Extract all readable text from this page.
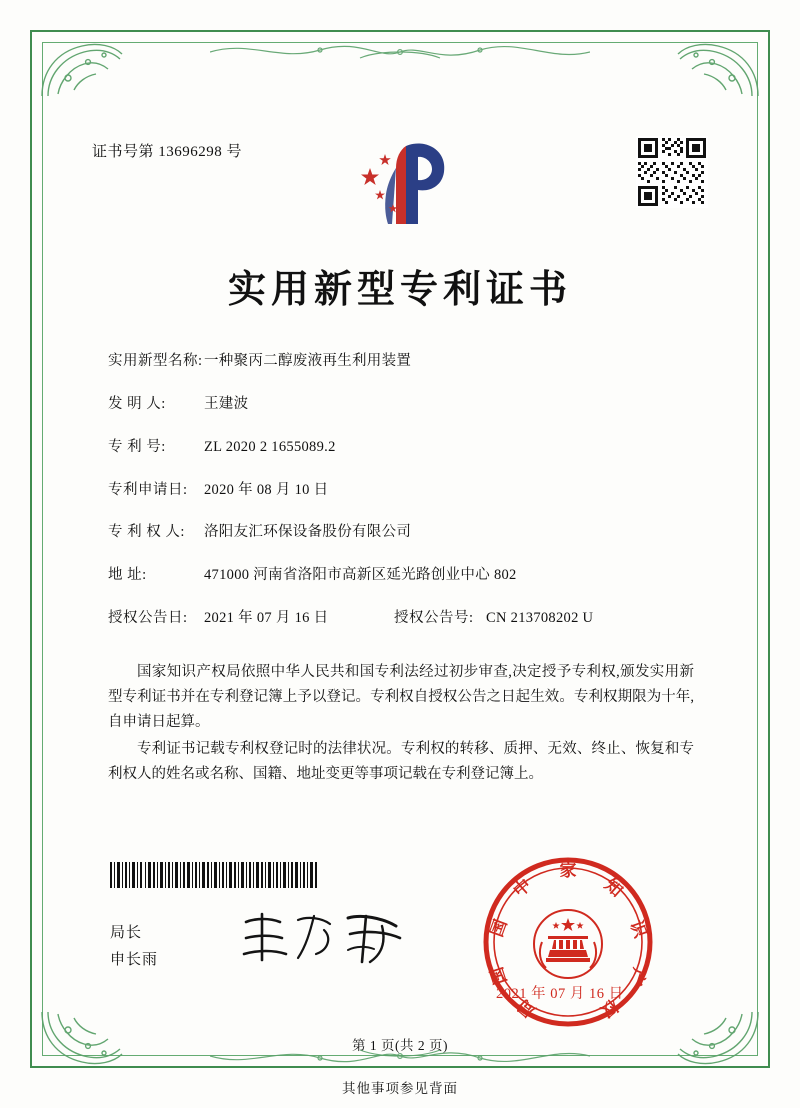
证书号第 13696298 号
实用新型专利证书
实用新型名称: 一种聚丙二醇废液再生利用装置
发 明 人:	王建波
专 利 号:	ZL 2020 2 1655089.2
专利申请日:	2020 年 08 月 10 日
专 利 权 人:	洛阳友汇环保设备股份有限公司
地 址:	471000 河南省洛阳市高新区延光路创业中心 802
授权公告日:	2021 年 07 月 16 日	授权公告号: CN 213708202 U

国家知识产权局依照中华人民共和国专利法经过初步审查,决定授予专利权,颁发实用新型专利证书并在专利登记簿上予以登记。专利权自授权公告之日起生效。专利权期限为十年,自申请日起算。

专利证书记载专利权登记时的法律状况。专利权的转移、质押、无效、终止、恢复和专利权人的姓名或名称、国籍、地址变更等事项记载在专利登记簿上。

局长
申长雨
家
知
识
产
权
局
国
国
中
2021 年 07 月 16 日
第 1 页(共 2 页)
其他事项参见背面
